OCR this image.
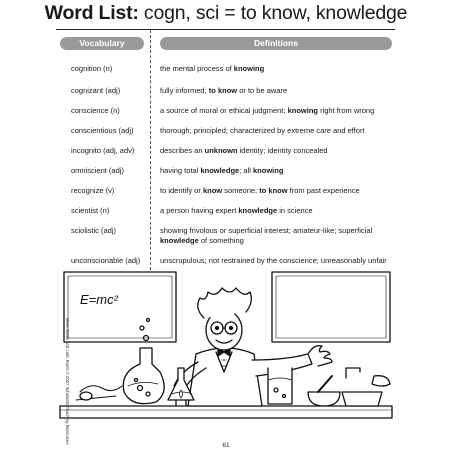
Word List: cogn, sci = to know, knowledge
Vocabulary	Definitions
cognition (n)	the mental process of knowing
cognizant (adj)	fully informed; to know or to be aware
conscience (n)	a source of moral or ethical judgment; knowing right from wrong
conscientious (adj)	thorough; principled; characterized by extreme care and effort
incognito (adj, adv)	describes an unknown identity; identity concealed
omniscient (adj)	having total knowledge; all knowing
recognize (v)	to identify or know someone; to know from past experience
scientist (n)	a person having expert knowledge in science
sciolistic (adj)	showing frivolous or superficial interest; amateur-like; superficial knowledge of something
unconscionable (adj)	unscrupulous; not restrained by the conscience; unreasonably unfair
E=mc²
More Greek and Latin Roots © 2007 Scholastic Teaching Resources
61
